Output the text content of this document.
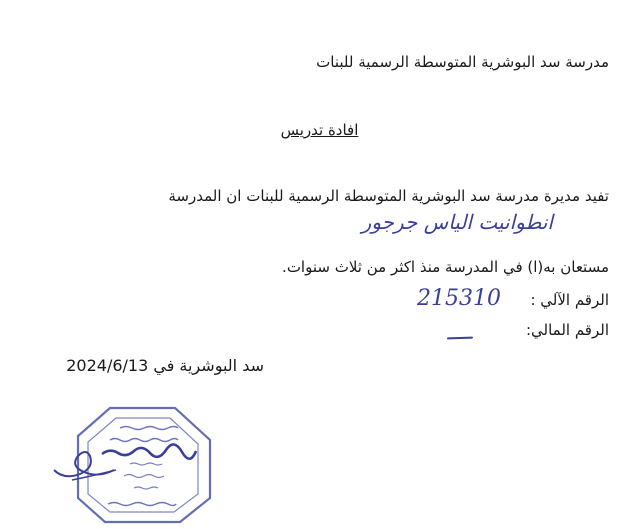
مدرسة سد البوشرية المتوسطة الرسمية للبنات
افادة تدريس
تفيد مديرة مدرسة سد البوشرية المتوسطة الرسمية للبنات ان المدرسة
انطوانيت الياس جرجور
مستعان به(ا) في المدرسة منذ اكثر من ثلاث سنوات.
الرقم الآلي :
215310
الرقم المالي:
سد البوشرية في 2024/6/13
